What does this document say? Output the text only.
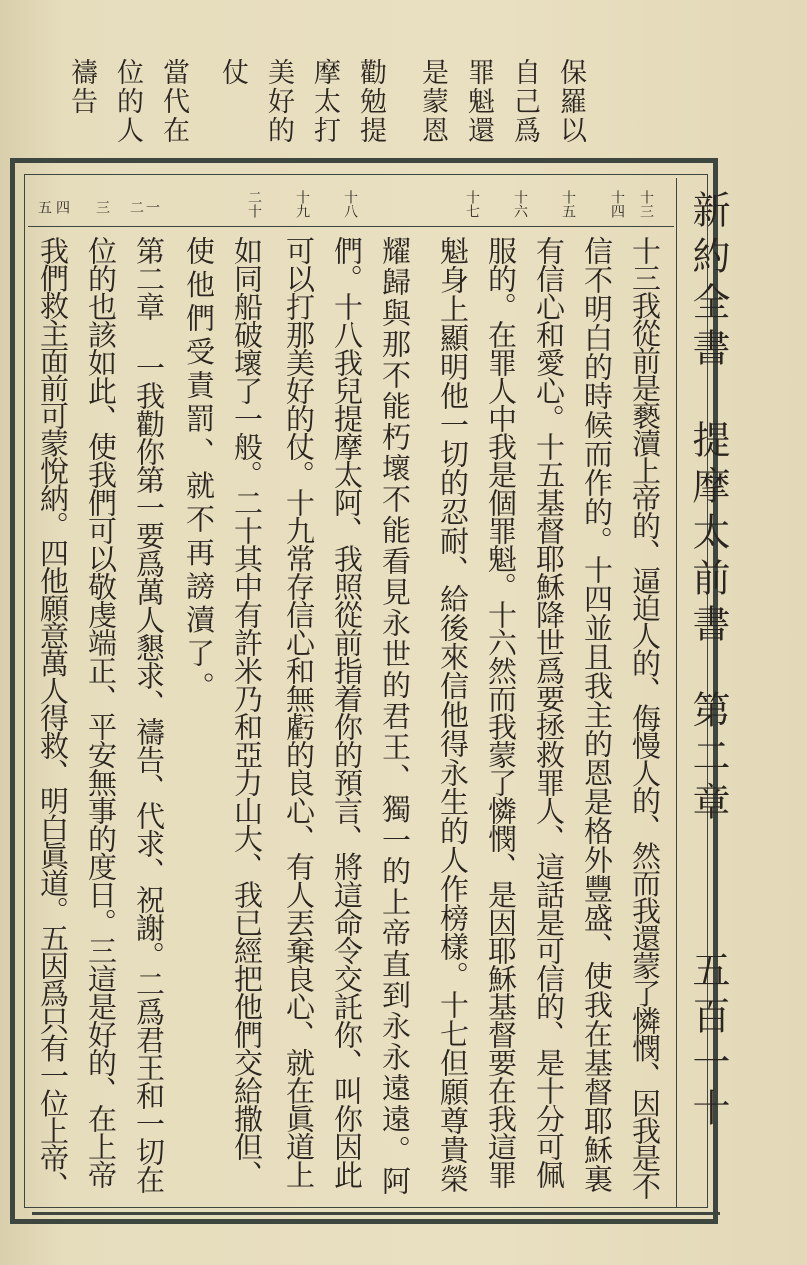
保羅以
自己爲
罪魁還
是蒙恩
勸勉提
摩太打
美好的
仗
當代在
位的人
禱告
新約全書
提摩太前書
第二章
五百一十
十三
十四
十五
十六
十七
十八
十九
二十
一
二
三
四
五
十三我從前是褻瀆上帝的、逼迫人的、侮慢人的、然而我還蒙了憐憫、因我是不
信不明白的時候而作的。十四並且我主的恩是格外豐盛、使我在基督耶穌裏
有信心和愛心。十五基督耶穌降世爲要拯救罪人、這話是可信的、是十分可佩
服的。在罪人中我是個罪魁。十六然而我蒙了憐憫、是因耶穌基督要在我這罪
魁身上顯明他一切的忍耐、給後來信他得永生的人作榜樣。十七但願尊貴榮
耀歸與那不能朽壞不能看見永世的君王、獨一的上帝直到永永遠遠。阿
們。十八我兒提摩太阿、我照從前指着你的預言、將這命令交託你、叫你因此
可以打那美好的仗。十九常存信心和無虧的良心、有人丟棄良心、就在眞道上
如同船破壞了一般。二十其中有許米乃和亞力山大、我已經把他們交給撒但、
使他們受責罰、就不再謗瀆了。
第二章 一我勸你第一要爲萬人懇求、禱告、代求、祝謝。二爲君王和一切在
位的也該如此、使我們可以敬虔端正、平安無事的度日。三這是好的、在上帝
我們救主面前可蒙悅納。四他願意萬人得救、明白眞道。五因爲只有一位上帝、
